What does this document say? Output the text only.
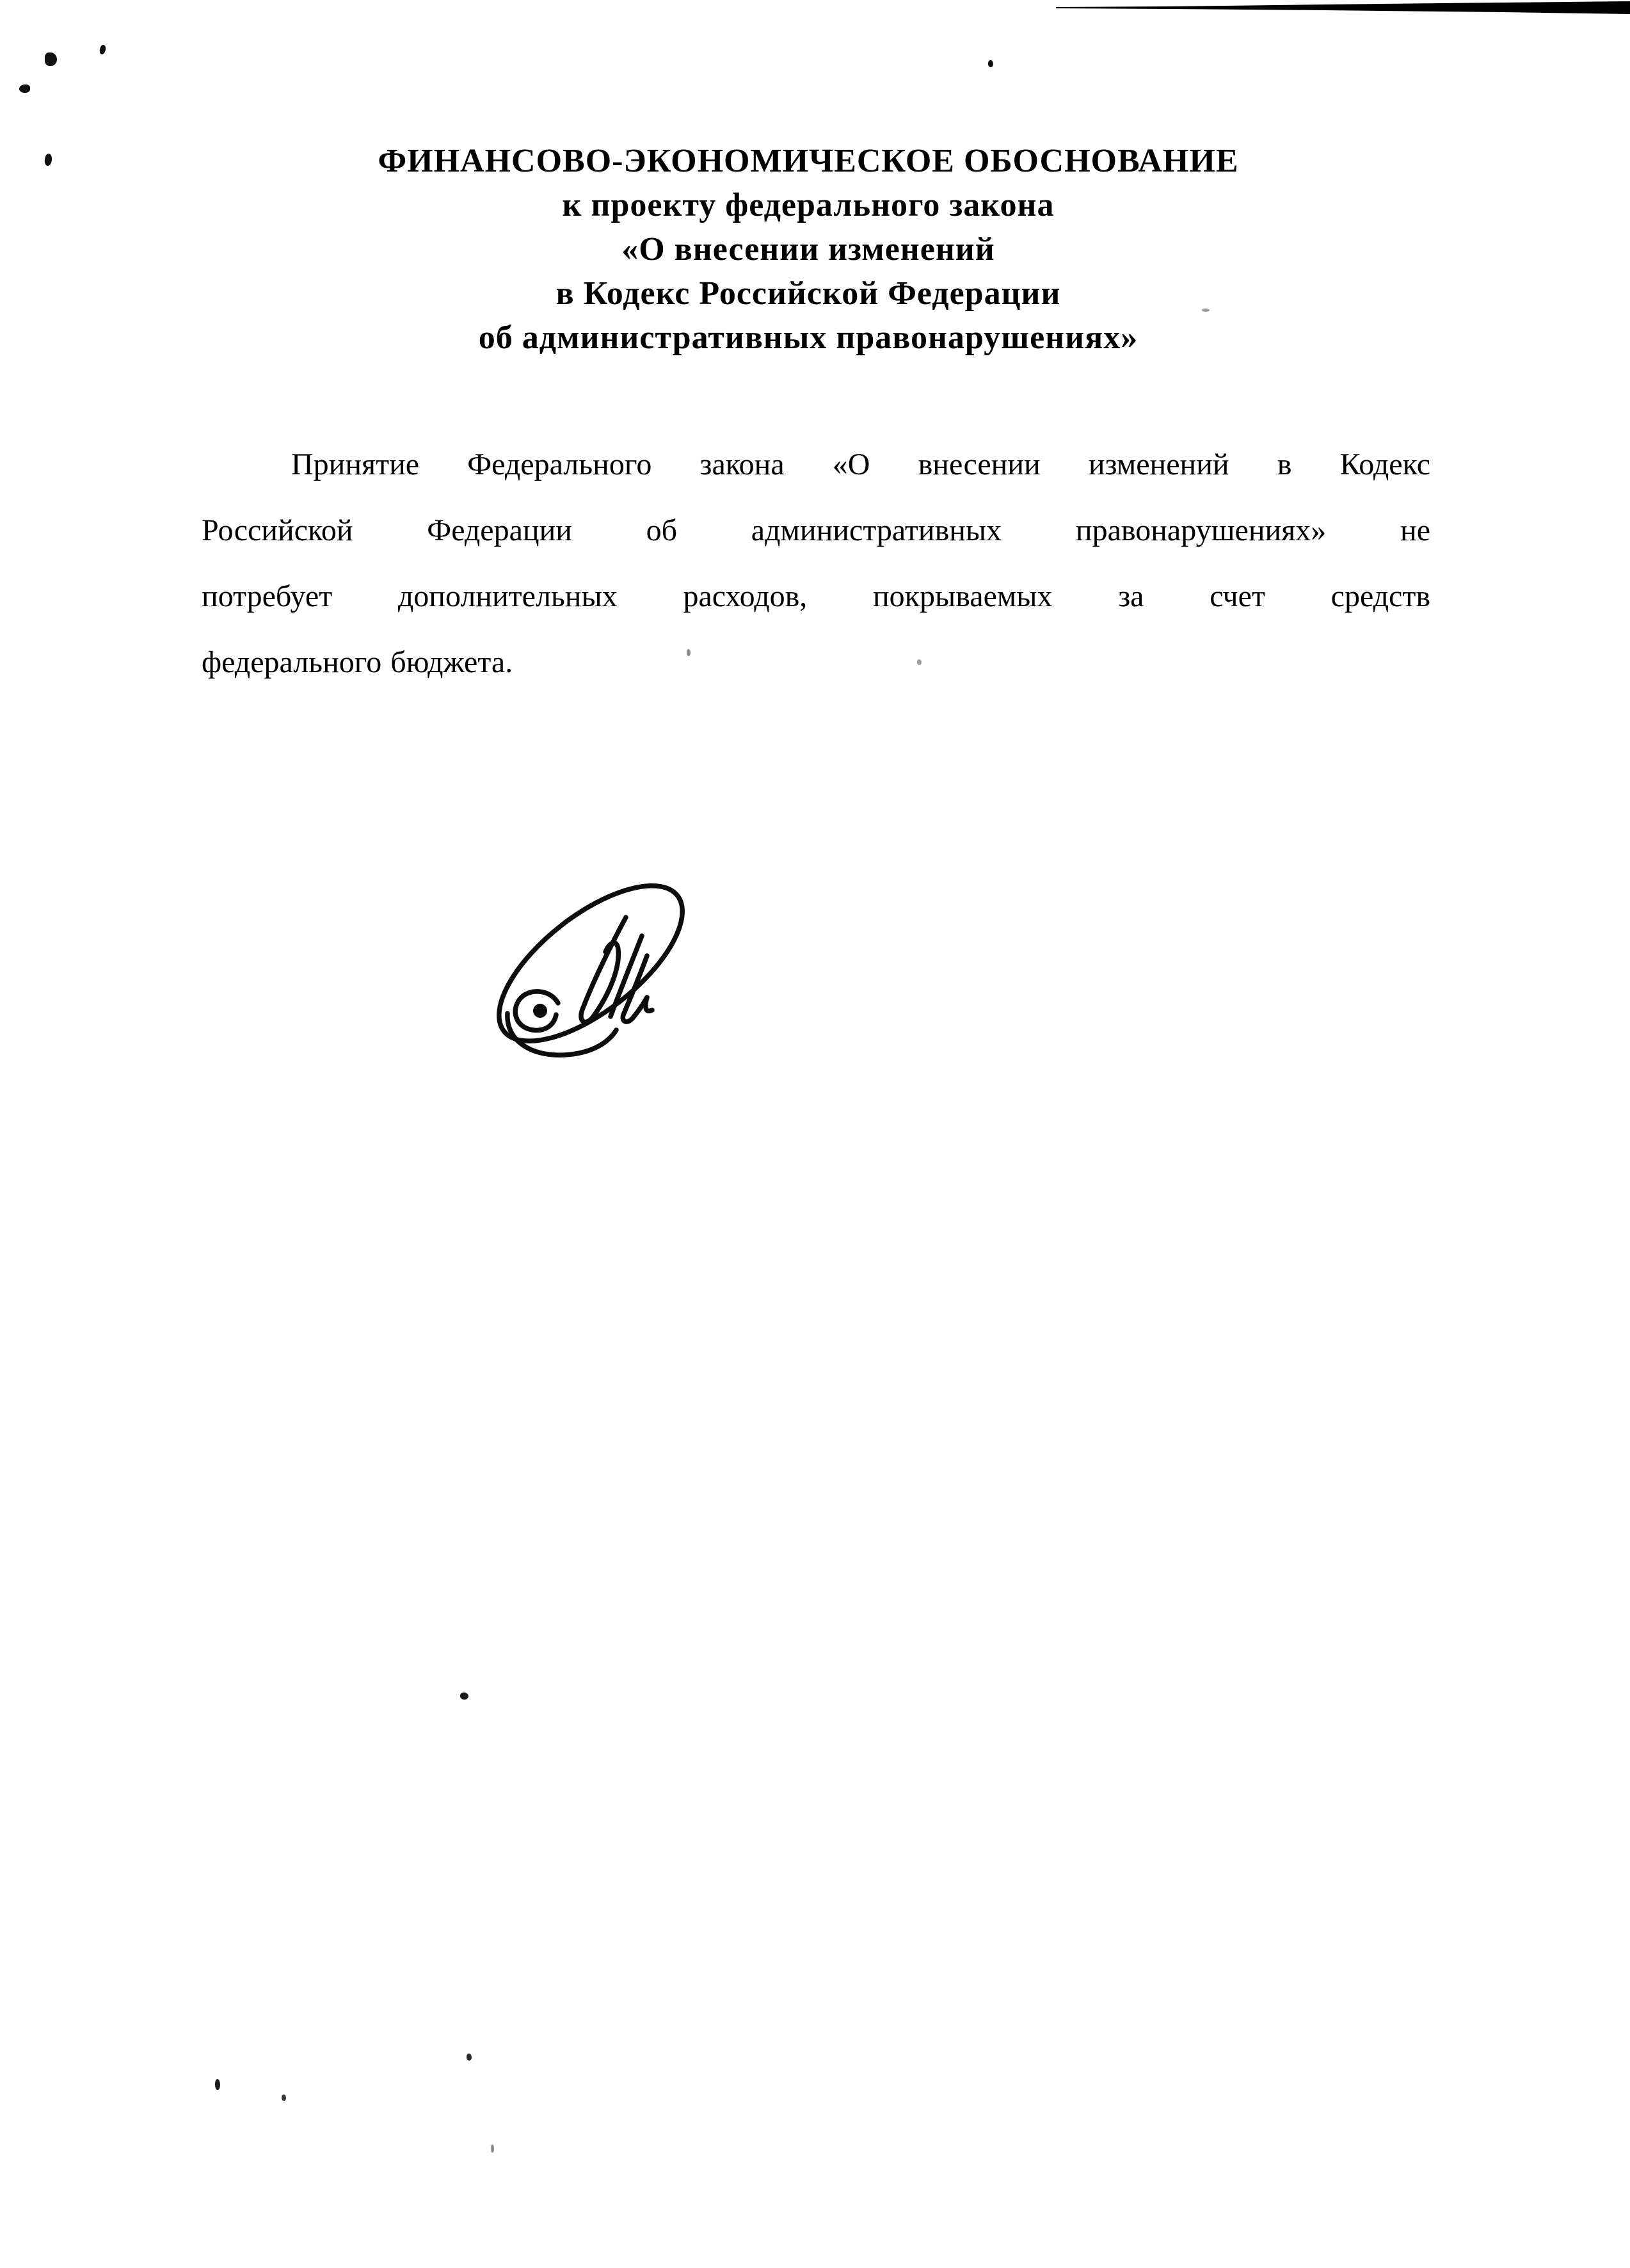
ФИНАНСОВО-ЭКОНОМИЧЕСКОЕ ОБОСНОВАНИЕ
к проекту федерального закона
«О внесении изменений
в Кодекс Российской Федерации
об административных правонарушениях»
Принятие Федерального закона «О внесении изменений в Кодекс
Российской Федерации об административных правонарушениях» не
потребует дополнительных расходов, покрываемых за счет средств
федерального бюджета.
